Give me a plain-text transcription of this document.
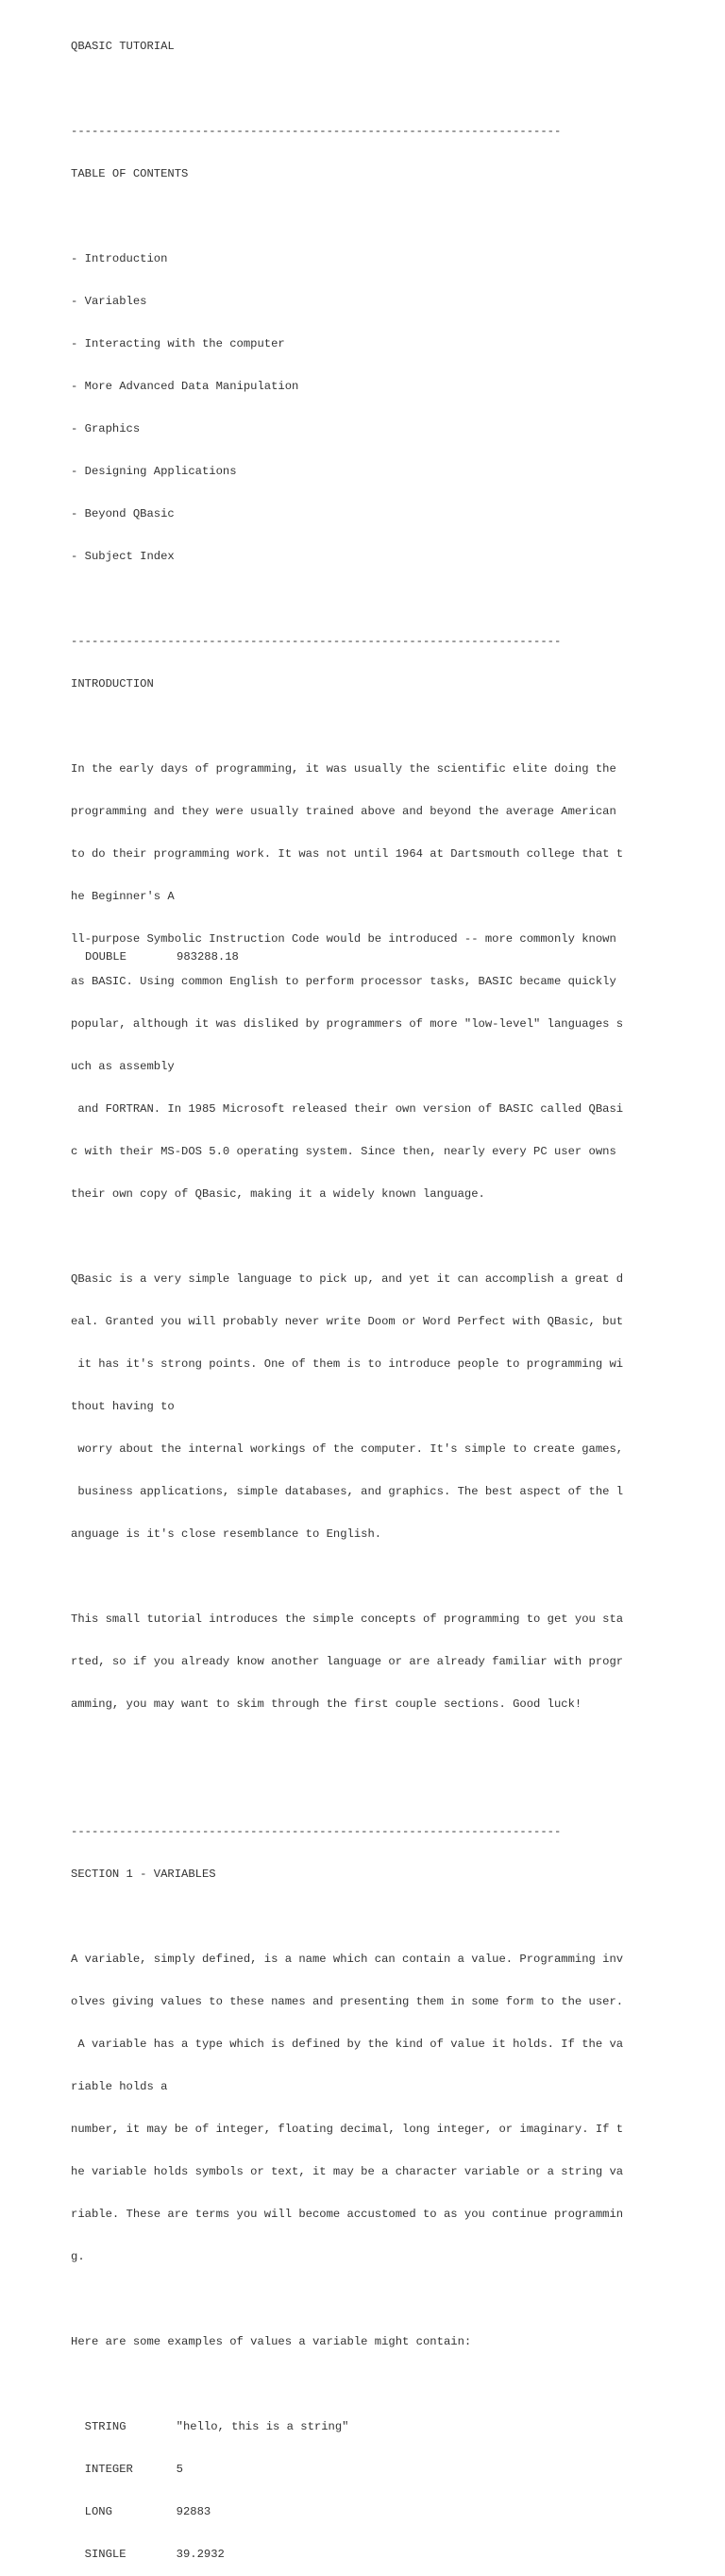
QBASIC TUTORIAL

-----------------------------------------------------------------------

TABLE OF CONTENTS

- Introduction

- Variables

- Interacting with the computer

- More Advanced Data Manipulation

- Graphics

- Designing Applications

- Beyond QBasic

- Subject Index

-----------------------------------------------------------------------

INTRODUCTION

In the early days of programming, it was usually the scientific elite doing the

programming and they were usually trained above and beyond the average American

to do their programming work. It was not until 1964 at Dartsmouth college that t

he Beginner's A

ll-purpose Symbolic Instruction Code would be introduced -- more commonly known

as BASIC. Using common English to perform processor tasks, BASIC became quickly

popular, although it was disliked by programmers of more "low-level" languages s

uch as assembly

and FORTRAN. In 1985 Microsoft released their own version of BASIC called QBasi

c with their MS-DOS 5.0 operating system. Since then, nearly every PC user owns

their own copy of QBasic, making it a widely known language.

QBasic is a very simple language to pick up, and yet it can accomplish a great d

eal. Granted you will probably never write Doom or Word Perfect with QBasic, but

it has it's strong points. One of them is to introduce people to programming wi

thout having to

worry about the internal workings of the computer. It's simple to create games,

business applications, simple databases, and graphics. The best aspect of the l

anguage is it's close resemblance to English.

This small tutorial introduces the simple concepts of programming to get you sta

rted, so if you already know another language or are already familiar with progr

amming, you may want to skim through the first couple sections. Good luck!

-----------------------------------------------------------------------

SECTION 1 - VARIABLES

A variable, simply defined, is a name which can contain a value. Programming inv

olves giving values to these names and presenting them in some form to the user.

A variable has a type which is defined by the kind of value it holds. If the va

riable holds a

number, it may be of integer, floating decimal, long integer, or imaginary. If t

he variable holds symbols or text, it may be a character variable or a string va

riable. These are terms you will become accustomed to as you continue programmin

g.

Here are some examples of values a variable might contain:

STRING	"hello, this is a string"

INTEGER	5

LONG	92883

SINGLE	39.2932

DOUBLE	983288.18
